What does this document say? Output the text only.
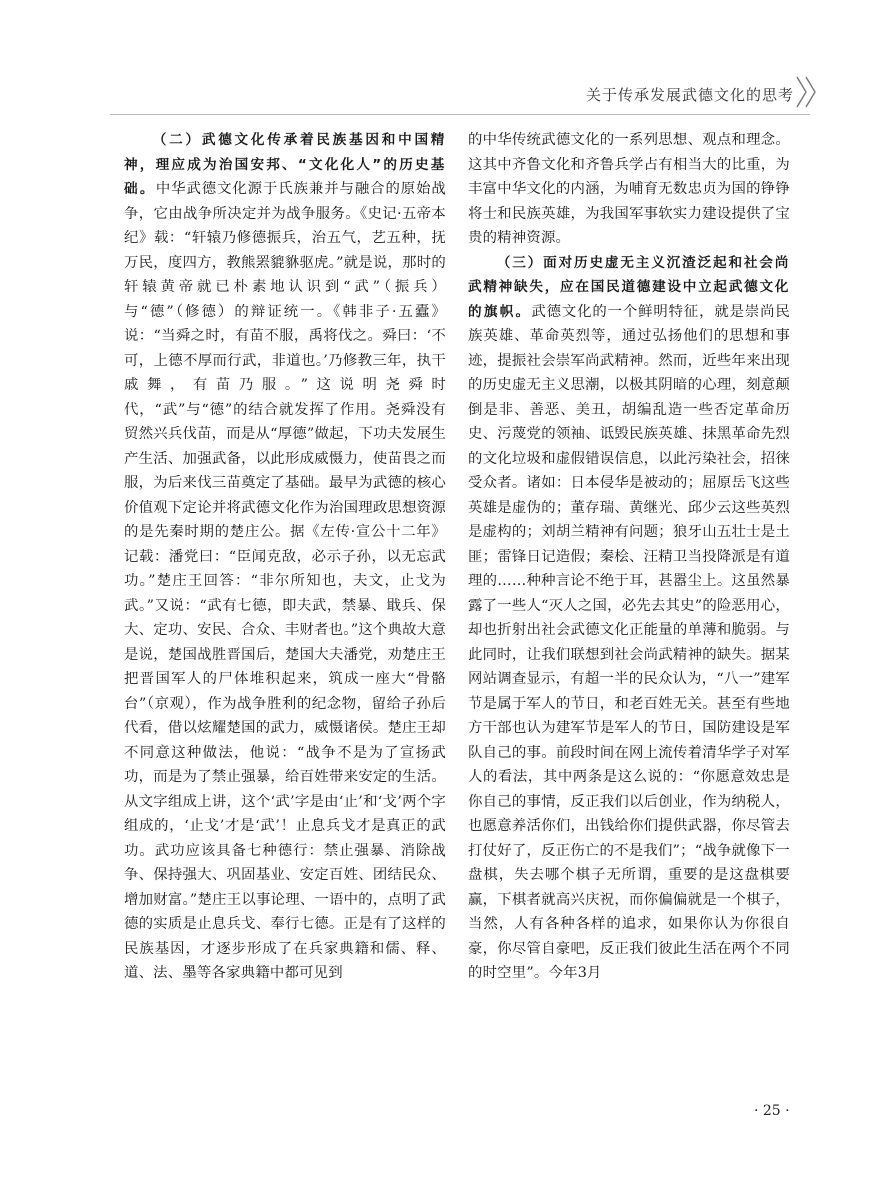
关于传承发展武德文化的思考

（二）武德文化传承着民族基因和中国精神，理应成为治国安邦、“文化化人”的历史基础。中华武德文化源于氏族兼并与融合的原始战争，它由战争所决定并为战争服务。《史记·五帝本纪》载：“轩辕乃修德振兵，治五气，艺五种，抚万民，度四方，教熊罴貔貅驱虎。”就是说，那时的轩辕黄帝就已朴素地认识到“武”（振兵）与“德”（修德）的辩证统一。《韩非子·五蠹》说：“当舜之时，有苗不服，禹将伐之。舜曰：‘不可，上德不厚而行武，非道也。’乃修教三年，执干戚舞，有苗乃服。”这说明尧舜时代，“武”与“德”的结合就发挥了作用。尧舜没有贸然兴兵伐苗，而是从“厚德”做起，下功夫发展生产生活、加强武备，以此形成威慑力，使苗畏之而服，为后来伐三苗奠定了基础。最早为武德的核心价值观下定论并将武德文化作为治国理政思想资源的是先秦时期的楚庄公。据《左传·宣公十二年》记载：潘党曰：“臣闻克敌，必示子孙，以无忘武功。”楚庄王回答：“非尔所知也，夫文，止戈为武。”又说：“武有七德，即夫武，禁暴、戢兵、保大、定功、安民、合众、丰财者也。”这个典故大意是说，楚国战胜晋国后，楚国大夫潘党，劝楚庄王把晋国军人的尸体堆积起来，筑成一座大“骨骼台”（京观），作为战争胜利的纪念物，留给子孙后代看，借以炫耀楚国的武力，威慑诸侯。楚庄王却不同意这种做法，他说：“战争不是为了宣扬武功，而是为了禁止强暴，给百姓带来安定的生活。从文字组成上讲，这个‘武’字是由‘止’和‘戈’两个字组成的，‘止戈’才是‘武’！止息兵戈才是真正的武功。武功应该具备七种德行：禁止强暴、消除战争、保持强大、巩固基业、安定百姓、团结民众、增加财富。”楚庄王以事论理、一语中的，点明了武德的实质是止息兵戈、奉行七德。正是有了这样的民族基因，才逐步形成了在兵家典籍和儒、释、道、法、墨等各家典籍中都可见到

的中华传统武德文化的一系列思想、观点和理念。这其中齐鲁文化和齐鲁兵学占有相当大的比重，为丰富中华文化的内涵，为哺育无数忠贞为国的铮铮将士和民族英雄，为我国军事软实力建设提供了宝贵的精神资源。

（三）面对历史虚无主义沉渣泛起和社会尚武精神缺失，应在国民道德建设中立起武德文化的旗帜。武德文化的一个鲜明特征，就是崇尚民族英雄、革命英烈等，通过弘扬他们的思想和事迹，提振社会崇军尚武精神。然而，近些年来出现的历史虚无主义思潮，以极其阴暗的心理，刻意颠倒是非、善恶、美丑，胡编乱造一些否定革命历史、污蔑党的领袖、诋毁民族英雄、抹黑革命先烈的文化垃圾和虚假错误信息，以此污染社会，招徕受众者。诸如：日本侵华是被动的；屈原岳飞这些英雄是虚伪的；董存瑞、黄继光、邱少云这些英烈是虚构的；刘胡兰精神有问题；狼牙山五壮士是土匪；雷锋日记造假；秦桧、汪精卫当投降派是有道理的……种种言论不绝于耳，甚嚣尘上。这虽然暴露了一些人“灭人之国，必先去其史”的险恶用心，却也折射出社会武德文化正能量的单薄和脆弱。与此同时，让我们联想到社会尚武精神的缺失。据某网站调查显示，有超一半的民众认为，“八一”建军节是属于军人的节日，和老百姓无关。甚至有些地方干部也认为建军节是军人的节日，国防建设是军队自己的事。前段时间在网上流传着清华学子对军人的看法，其中两条是这么说的：“你愿意效忠是你自己的事情，反正我们以后创业，作为纳税人，也愿意养活你们，出钱给你们提供武器，你尽管去打仗好了，反正伤亡的不是我们”；“战争就像下一盘棋，失去哪个棋子无所谓，重要的是这盘棋要赢，下棋者就高兴庆祝，而你偏偏就是一个棋子，当然，人有各种各样的追求，如果你认为你很自豪，你尽管自豪吧，反正我们彼此生活在两个不同的时空里”。今年3月

· 25 ·
